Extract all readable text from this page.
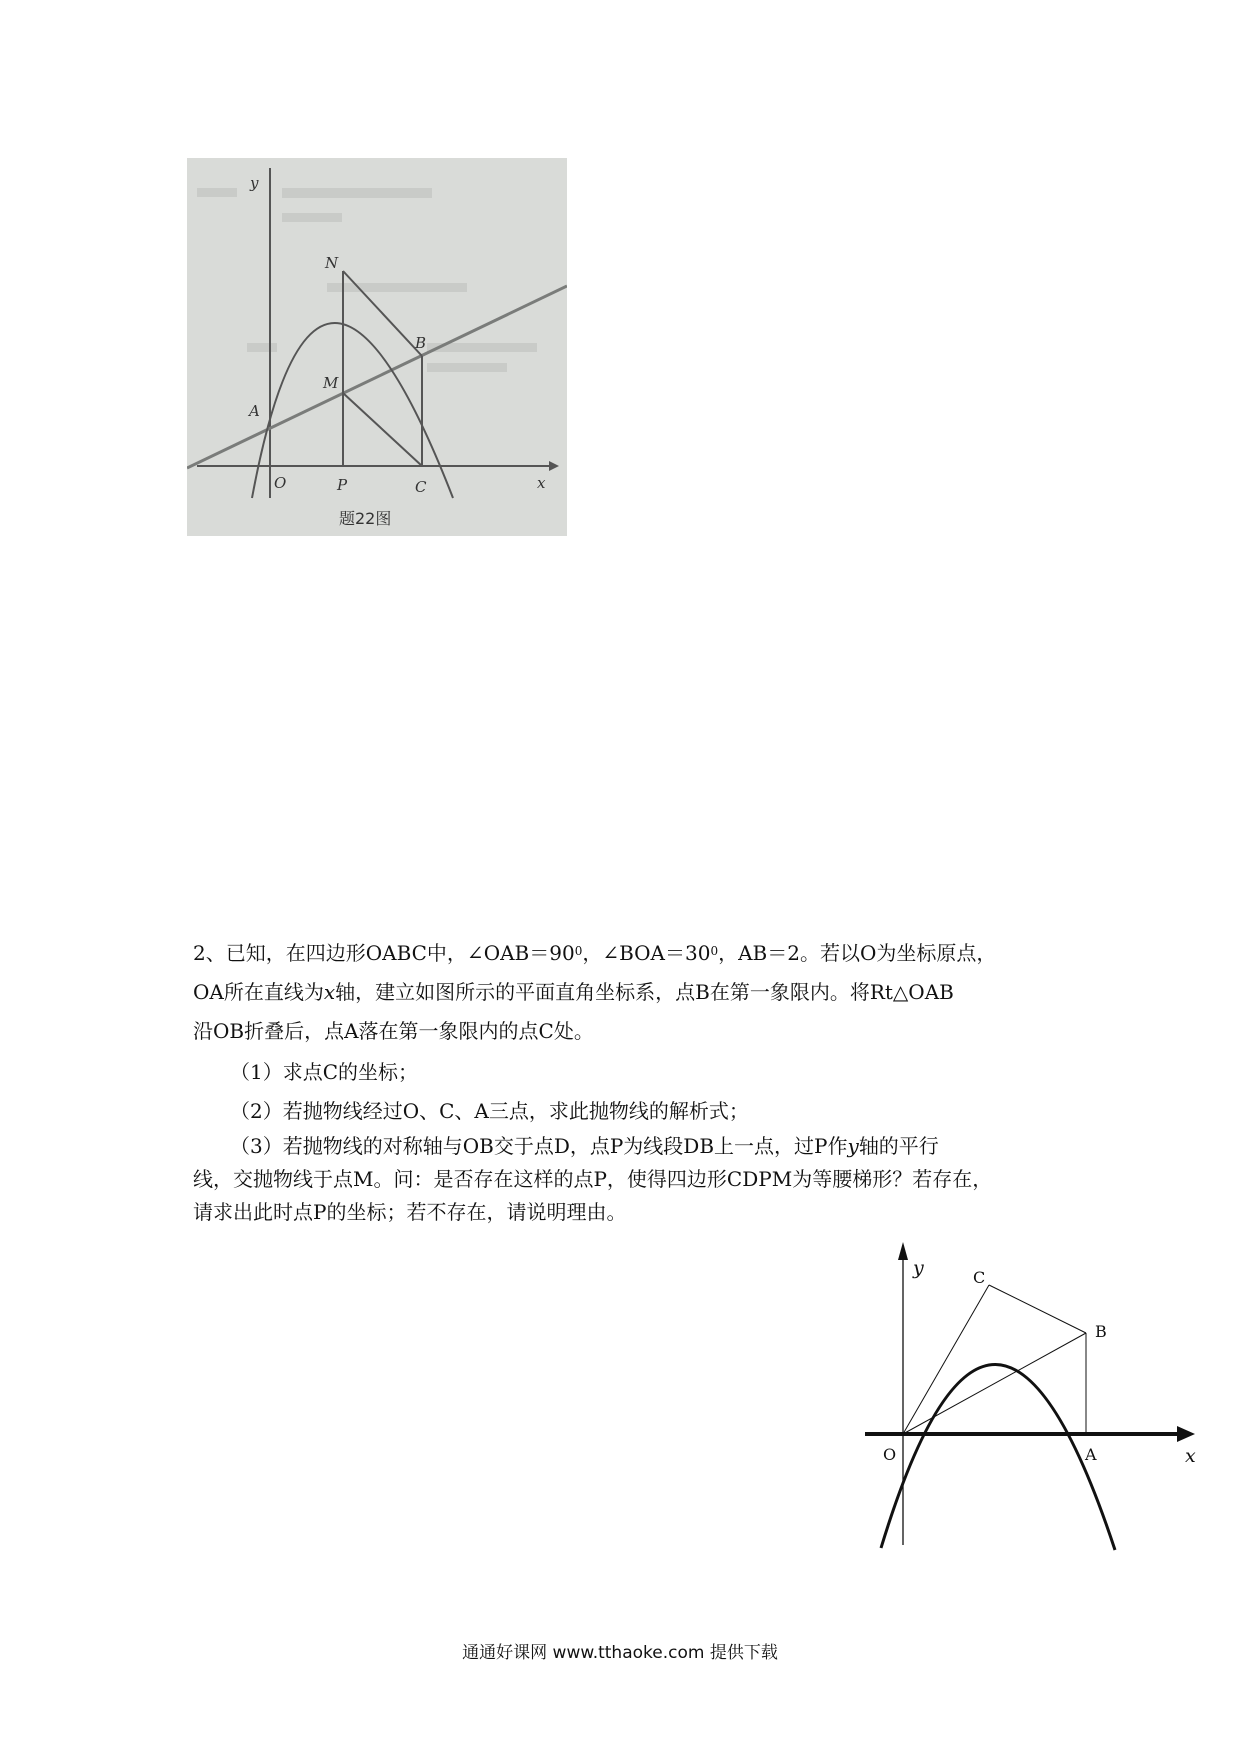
y
x
O	P	C
A
M
N
B
题22图
2、已知，在四边形OABC中，$\angle OAB=90^0$，$\angle BOA=30^0$，AB＝2。若以O为坐标原点，
OA所在直线为x轴，建立如图所示的平面直角坐标系，点B在第一象限内。将Rt△OAB
沿OB折叠后，点A落在第一象限内的点C处。
（1）求点C的坐标；
（2）若抛物线经过O、C、A三点，求此抛物线的解析式；
（3）若抛物线的对称轴与OB交于点D，点P为线段DB上一点，过P作y轴的平行
线，交抛物线于点M。问：是否存在这样的点P，使得四边形CDPM为等腰梯形？若存在，
请求出此时点P的坐标；若不存在，请说明理由。
y
x
O	A
B
C
通通好课网 www.tthaoke.com 提供下载
